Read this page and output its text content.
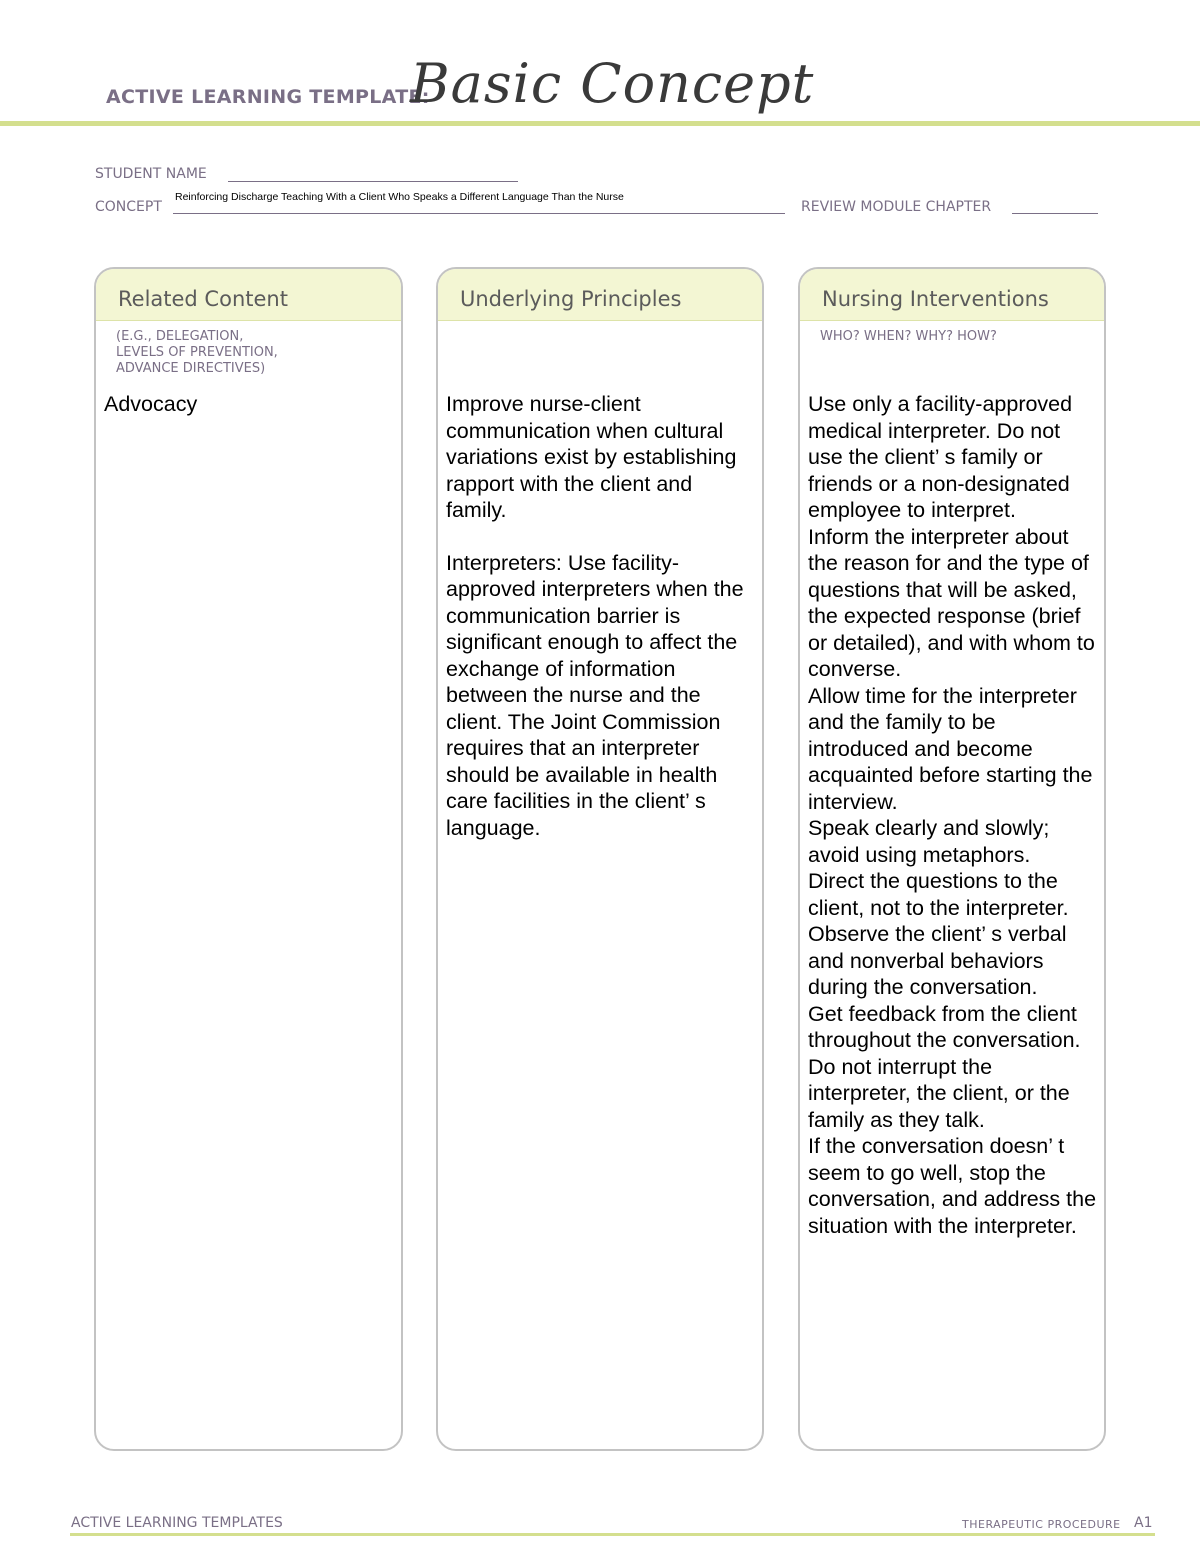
ACTIVE LEARNING TEMPLATE:
Basic Concept
STUDENT NAME
CONCEPT
Reinforcing Discharge Teaching With a Client Who Speaks a Different Language Than the Nurse
REVIEW MODULE CHAPTER
Related Content
(E.G., DELEGATION,
LEVELS OF PREVENTION,
ADVANCE DIRECTIVES)

Advocacy

Underlying Principles

Improve nurse-client communication when cultural variations exist by establishing rapport with the client and family.

Interpreters: Use facility-approved interpreters when the communication barrier is significant enough to affect the exchange of information between the nurse and the client. The Joint Commission requires that an interpreter should be available in health care facilities in the client’ s language.

Nursing Interventions
WHO? WHEN? WHY? HOW?

Use only a facility-approved medical interpreter. Do not use the client’ s family or friends or a non-designated employee to interpret.

Inform the interpreter about the reason for and the type of questions that will be asked, the expected response (brief or detailed), and with whom to converse.

Allow time for the interpreter and the family to be introduced and become acquainted before starting the interview.

Speak clearly and slowly; avoid using metaphors.

Direct the questions to the client, not to the interpreter.

Observe the client’ s verbal and nonverbal behaviors during the conversation.

Get feedback from the client throughout the conversation.

Do not interrupt the interpreter, the client, or the family as they talk.

If the conversation doesn’ t seem to go well, stop the conversation, and address the situation with the interpreter.

ACTIVE LEARNING TEMPLATES	THERAPEUTIC PROCEDURE A1
